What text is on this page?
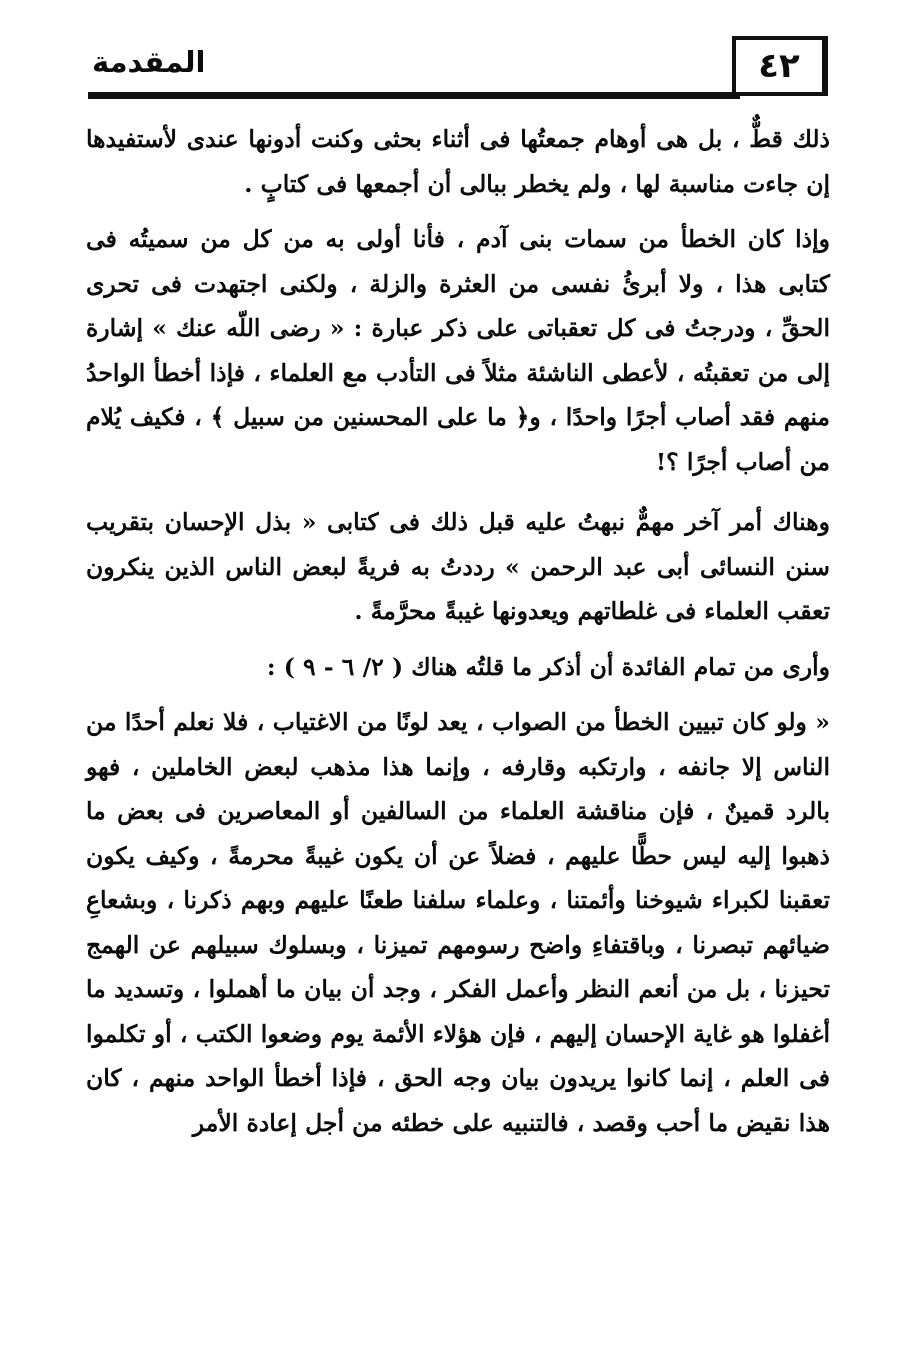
٤٢
المقدمة

ذلك قطٌّ ، بل هى أوهام جمعتُها فى أثناء بحثى وكنت أدونها عندى لأستفيدها إن جاءت مناسبة لها ، ولم يخطر ببالى أن أجمعها فى كتابٍ .

وإذا كان الخطأ من سمات بنى آدم ، فأنا أولى به من كل من سميتُه فى كتابى هذا ، ولا أبرئُ نفسى من العثرة والزلة ، ولكنى اجتهدت فى تحرى الحقِّ ، ودرجتُ فى كل تعقباتى على ذكر عبارة : « رضى اللّه عنك » إشارة إلى من تعقبتُه ، لأعطى الناشئة مثلاً فى التأدب مع العلماء ، فإذا أخطأ الواحدُ منهم فقد أصاب أجرًا واحدًا ، و﴿ ما على المحسنين من سبيل ﴾ ، فكيف يُلام من أصاب أجرًا ؟!

وهناك أمر آخر مهمٌّ نبهتُ عليه قبل ذلك فى كتابى « بذل الإحسان بتقريب سنن النسائى أبى عبد الرحمن » رددتُ به فريةً لبعض الناس الذين ينكرون تعقب العلماء فى غلطاتهم ويعدونها غيبةً محرَّمةً .

وأرى من تمام الفائدة أن أذكر ما قلتُه هناك ( ٢/ ٦ - ٩ ) :

« ولو كان تبيين الخطأ من الصواب ، يعد لونًا من الاغتياب ، فلا نعلم أحدًا من الناس إلا جانفه ، وارتكبه وقارفه ، وإنما هذا مذهب لبعض الخاملين ، فهو بالرد قمينٌ ، فإن مناقشة العلماء من السالفين أو المعاصرين فى بعض ما ذهبوا إليه ليس حطًّا عليهم ، فضلاً عن أن يكون غيبةً محرمةً ، وكيف يكون تعقبنا لكبراء شيوخنا وأئمتنا ، وعلماء سلفنا طعنًا عليهم وبهم ذكرنا ، وبشعاعِ ضيائهم تبصرنا ، وباقتفاءِ واضح رسومهم تميزنا ، وبسلوك سبيلهم عن الهمج تحيزنا ، بل من أنعم النظر وأعمل الفكر ، وجد أن بيان ما أهملوا ، وتسديد ما أغفلوا هو غاية الإحسان إليهم ، فإن هؤلاء الأئمة يوم وضعوا الكتب ، أو تكلموا فى العلم ، إنما كانوا يريدون بيان وجه الحق ، فإذا أخطأ الواحد منهم ، كان هذا نقيض ما أحب وقصد ، فالتنبيه على خطئه من أجل إعادة الأمر
